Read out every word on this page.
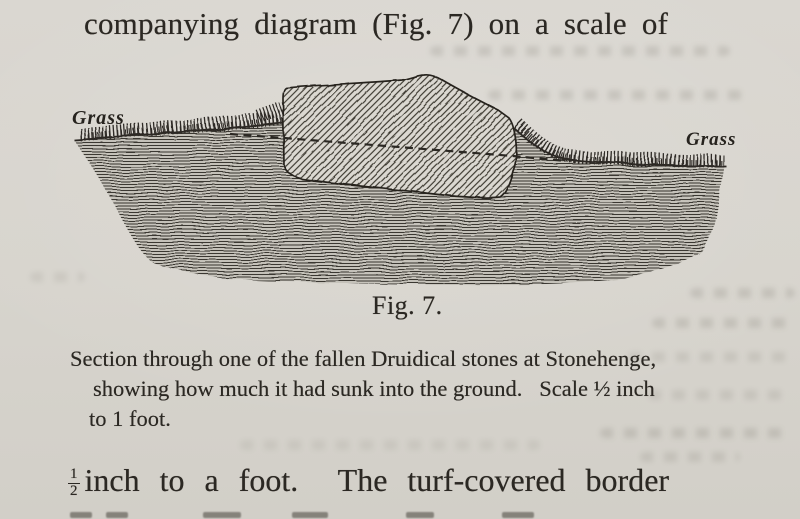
companying diagram (Fig. 7) on a scale of
Grass
Grass
Fig. 7.
Section through one of the fallen Druidical stones at Stonehenge,
showing how much it had sunk into the ground.   Scale ½ inch
to 1 foot.
$\frac{1}{2}$ inch to a foot.  The turf-covered border
